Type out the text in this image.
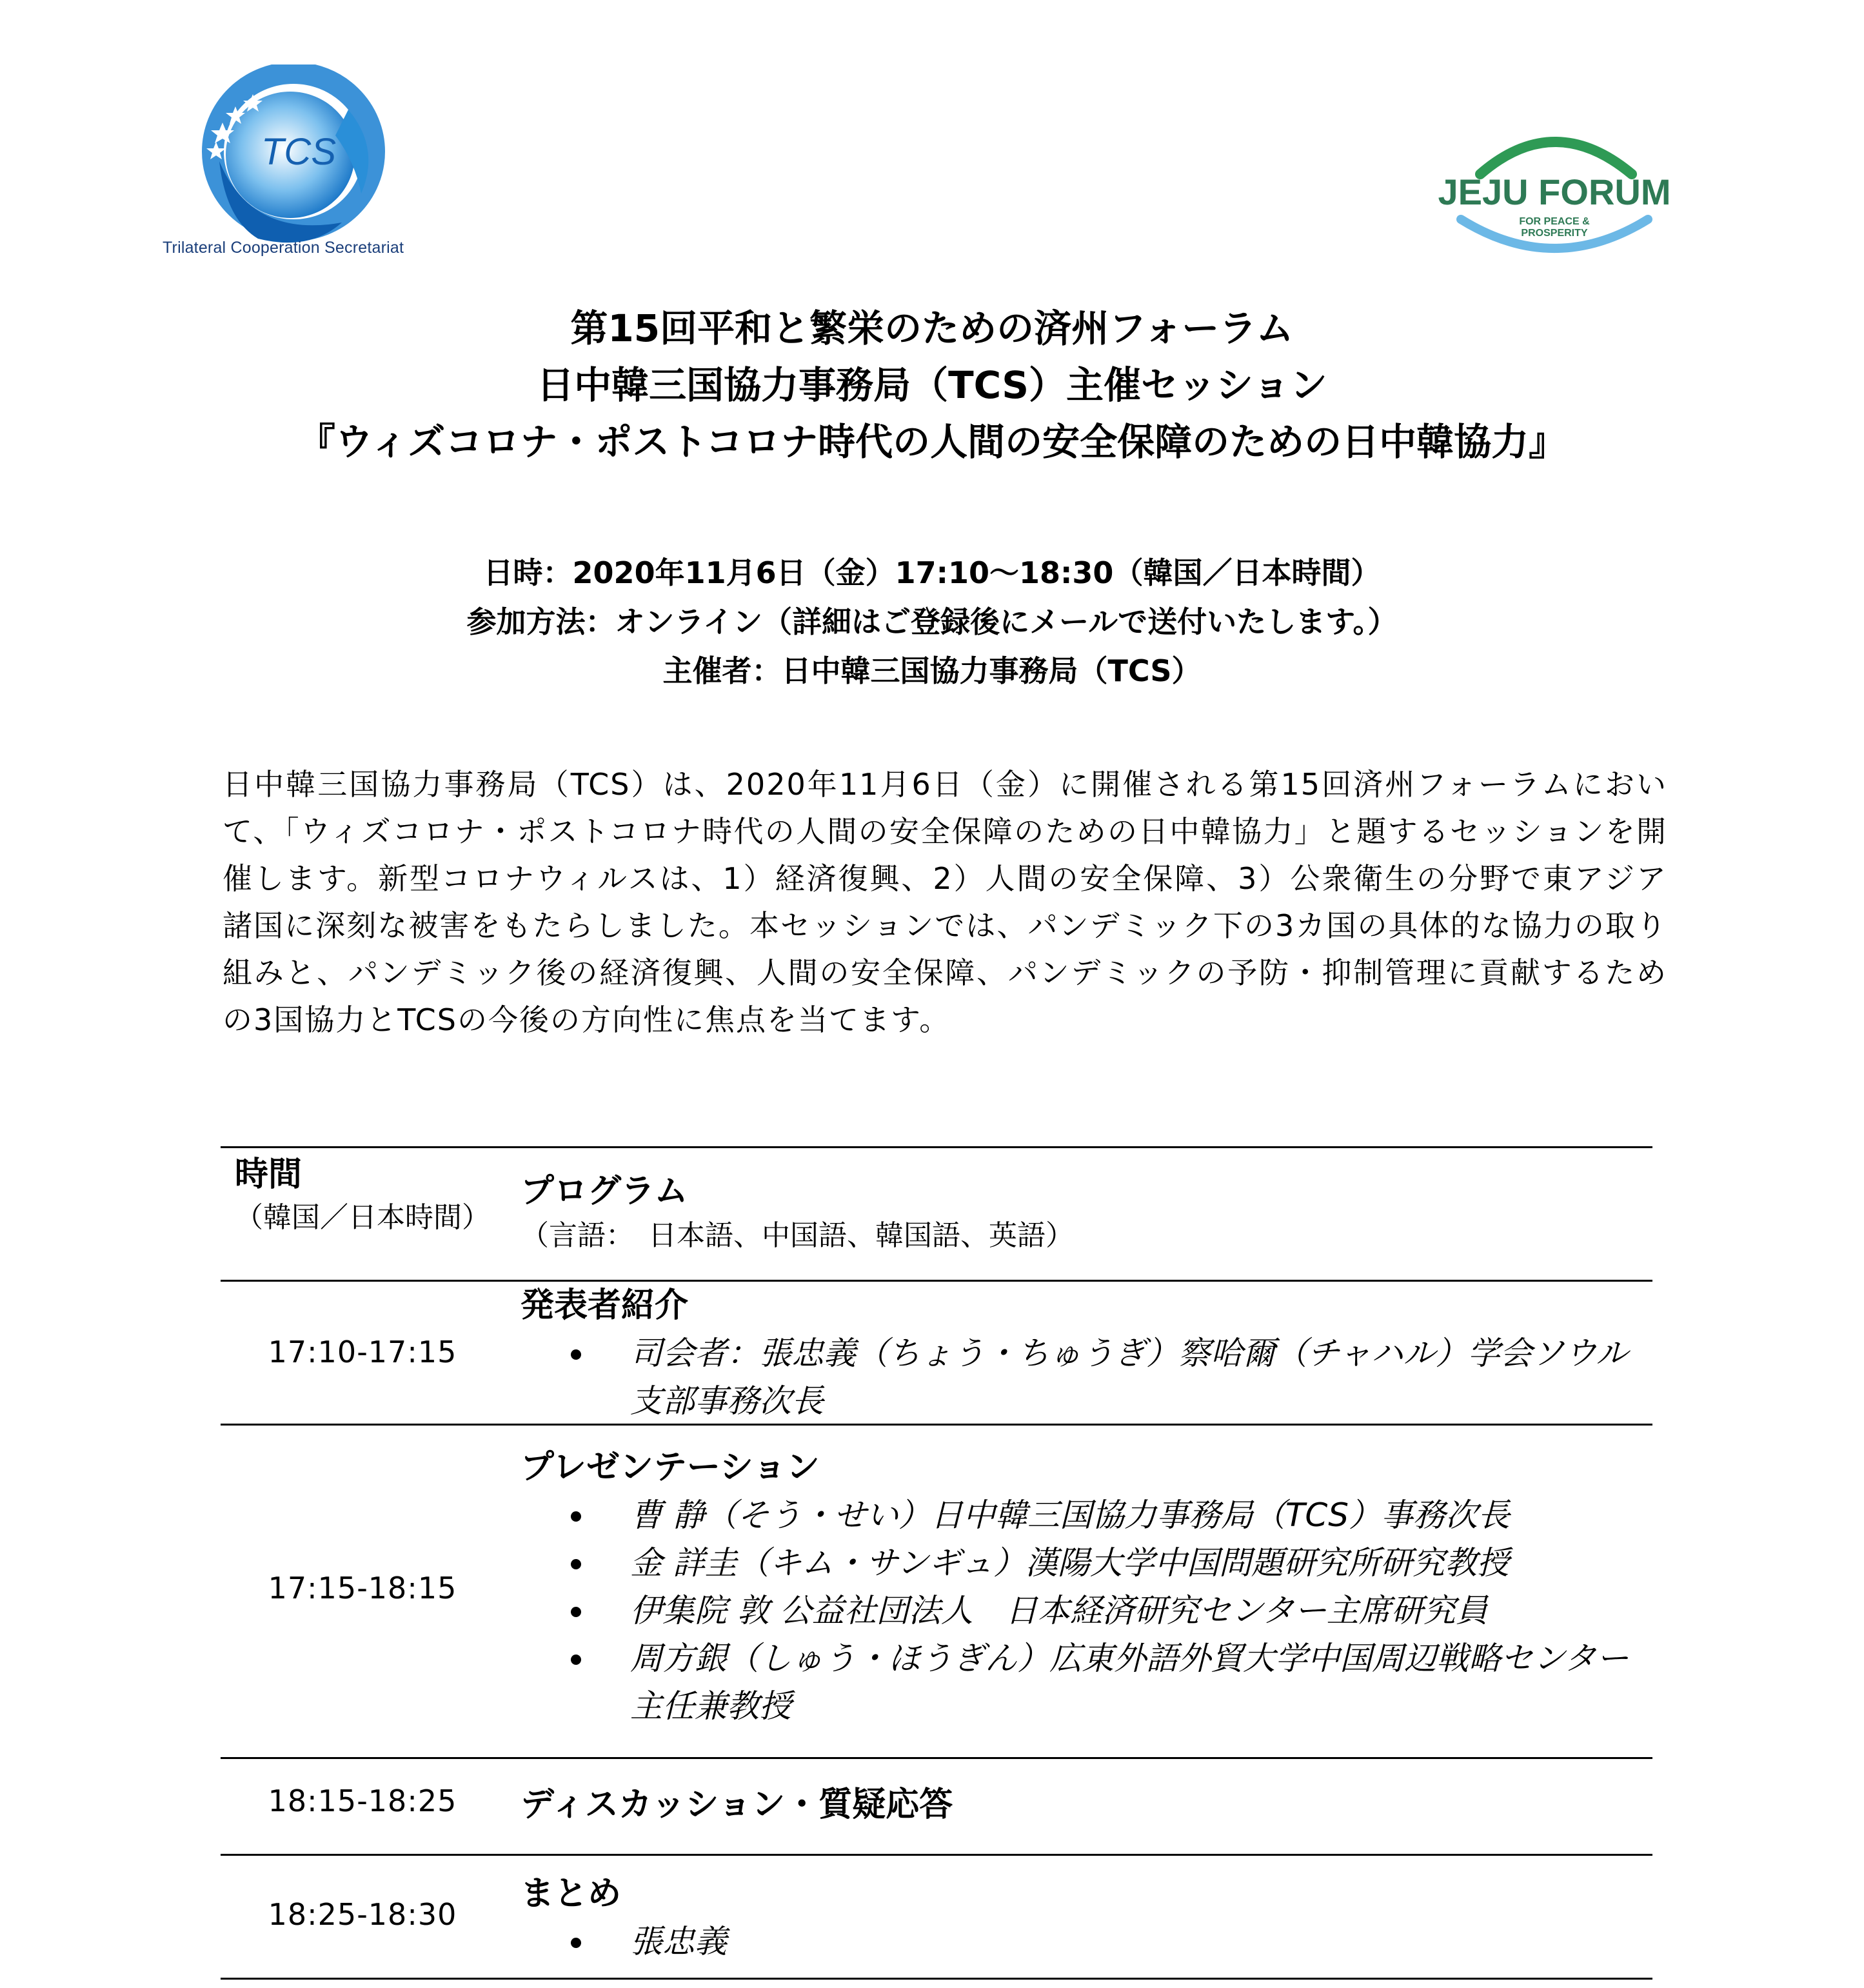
TCS
Trilateral Cooperation Secretariat
JEJU FORUM
FOR PEACE &
PROSPERITY
第15回平和と繁栄のための済州フォーラム
日中韓三国協力事務局（TCS）主催セッション
『ウィズコロナ・ポストコロナ時代の人間の安全保障のための日中韓協力』
日時：2020年11月6日（金）17:10～18:30（韓国／日本時間）
参加方法：オンライン（詳細はご登録後にメールで送付いたします。）
主催者：日中韓三国協力事務局（TCS）
日中韓三国協力事務局（TCS）は、2020年11月6日（金）に開催される第15回済州フォーラムにおいて、「ウィズコロナ・ポストコロナ時代の人間の安全保障のための日中韓協力」と題するセッションを開催します。新型コロナウィルスは、1）経済復興、2）人間の安全保障、3）公衆衛生の分野で東アジア諸国に深刻な被害をもたらしました。本セッションでは、パンデミック下の3カ国の具体的な協力の取り組みと、パンデミック後の経済復興、人間の安全保障、パンデミックの予防・抑制管理に貢献するための3国協力とTCSの今後の方向性に焦点を当てます。
時間
（韓国／日本時間）
プログラム
（言語：　日本語、中国語、韓国語、英語）
17:10-17:15
発表者紹介
司会者：張忠義（ちょう・ちゅうぎ）察哈爾（チャハル）学会ソウル支部事務次長
17:15-18:15
プレゼンテーション
曹 静（そう・せい）日中韓三国協力事務局（TCS）事務次長
金 詳圭（キム・サンギュ）漢陽大学中国問題研究所研究教授
伊集院 敦 公益社団法人　日本経済研究センター主席研究員
周方銀（しゅう・ほうぎん）広東外語外貿大学中国周辺戦略センター主任兼教授
18:15-18:25	ディスカッション・質疑応答
18:25-18:30
まとめ
張忠義
